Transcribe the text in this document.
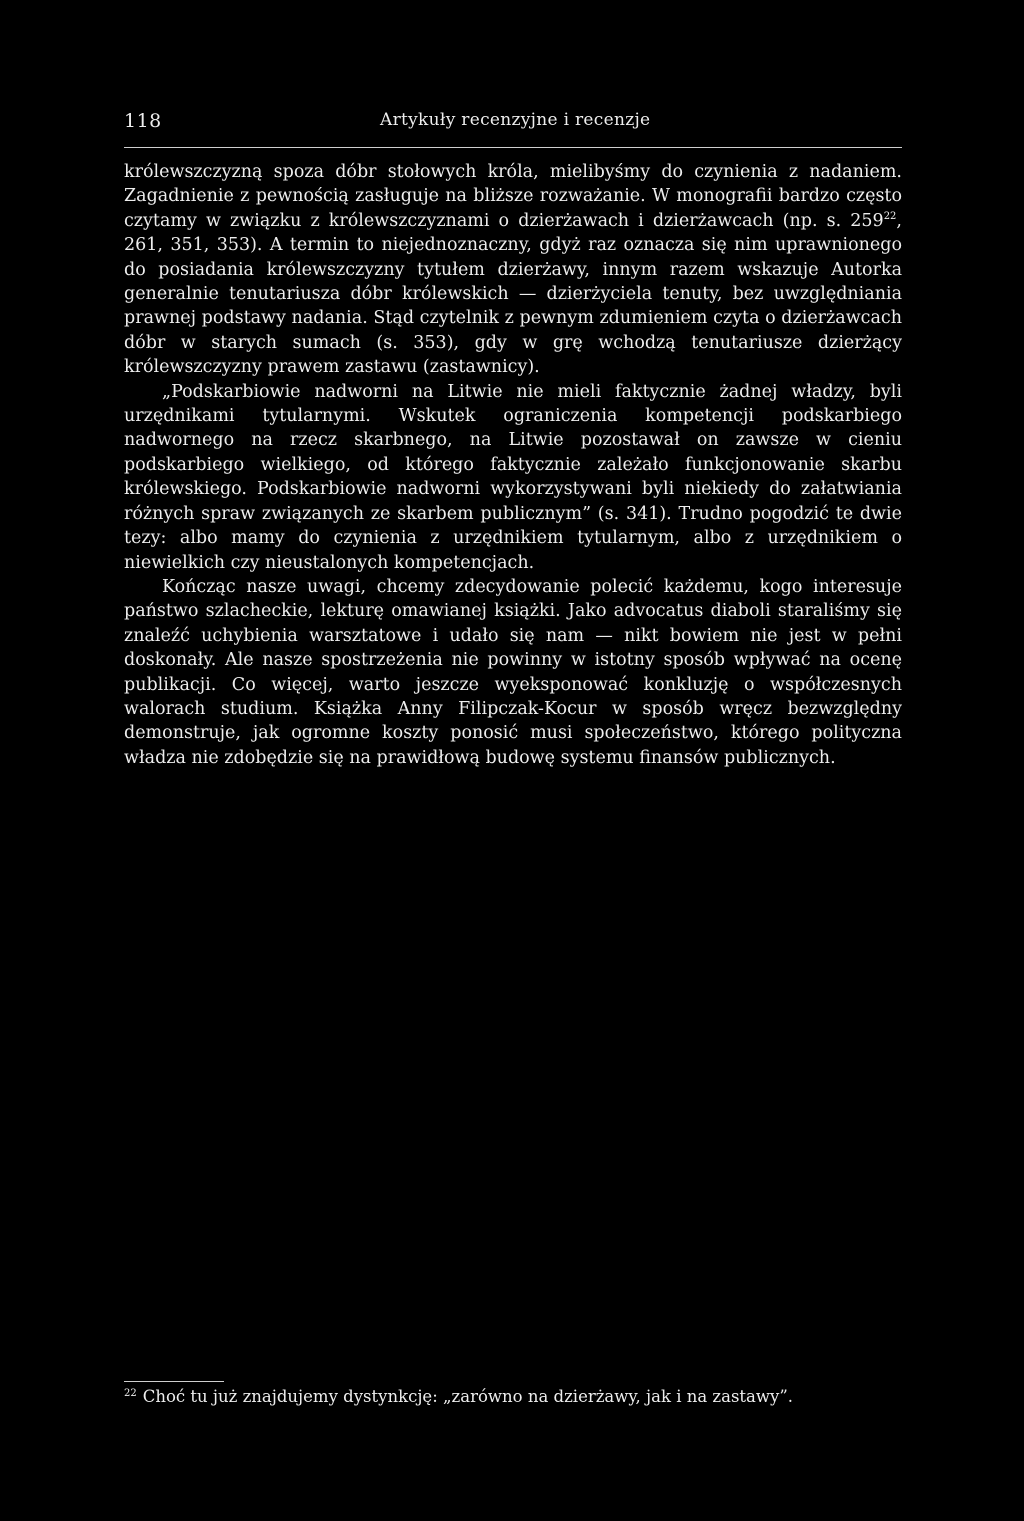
118	Artykuły recenzyjne i recenzje

królewszczyzną spoza dóbr stołowych króla, mielibyśmy do czynienia z nadaniem. Zagadnienie z pewnością zasługuje na bliższe rozważanie. W monografii bardzo często czytamy w związku z królewszczyznami o dzierżawach i dzierżawcach (np. s. $259^{22}$, 261, 351, 353). A termin to niejednoznaczny, gdyż raz oznacza się nim uprawnionego do posiadania królewszczyzny tytułem dzierżawy, innym razem wskazuje Autorka generalnie tenutariusza dóbr królewskich — dzierżyciela tenuty, bez uwzględniania prawnej podstawy nadania. Stąd czytelnik z pewnym zdumieniem czyta o dzierżawcach dóbr w starych sumach (s. 353), gdy w grę wchodzą tenutariusze dzierżący królewszczyzny prawem zastawu (zastawnicy).

„Podskarbiowie nadworni na Litwie nie mieli faktycznie żadnej władzy, byli urzędnikami tytularnymi. Wskutek ograniczenia kompetencji podskarbiego nadwornego na rzecz skarbnego, na Litwie pozostawał on zawsze w cieniu podskarbiego wielkiego, od którego faktycznie zależało funkcjonowanie skarbu królewskiego. Podskarbiowie nadworni wykorzystywani byli niekiedy do załatwiania różnych spraw związanych ze skarbem publicznym” (s. 341). Trudno pogodzić te dwie tezy: albo mamy do czynienia z urzędnikiem tytularnym, albo z urzędnikiem o niewielkich czy nieustalonych kompetencjach.

Kończąc nasze uwagi, chcemy zdecydowanie polecić każdemu, kogo interesuje państwo szlacheckie, lekturę omawianej książki. Jako advocatus diaboli staraliśmy się znaleźć uchybienia warsztatowe i udało się nam — nikt bowiem nie jest w pełni doskonały. Ale nasze spostrzeżenia nie powinny w istotny sposób wpływać na ocenę publikacji. Co więcej, warto jeszcze wyeksponować konkluzję o współczesnych walorach studium. Książka Anny Filipczak-Kocur w sposób wręcz bezwzględny demonstruje, jak ogromne koszty ponosić musi społeczeństwo, którego polityczna władza nie zdobędzie się na prawidłową budowę systemu finansów publicznych.

$^{22}$ Choć tu już znajdujemy dystynkcję: „zarówno na dzierżawy, jak i na zastawy”.
